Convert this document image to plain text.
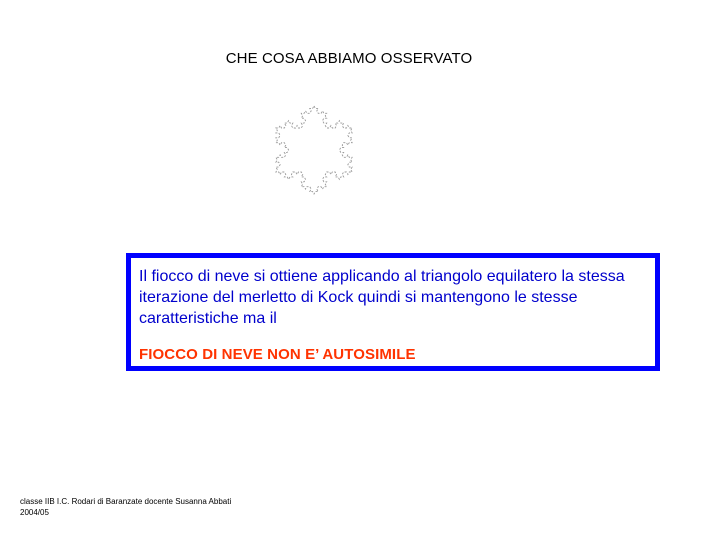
CHE COSA ABBIAMO OSSERVATO
Il fiocco di neve si ottiene applicando al triangolo equilatero la stessa iterazione del merletto di Kock quindi si mantengono le stesse caratteristiche ma il
FIOCCO DI NEVE NON E’ AUTOSIMILE
classe IIB I.C. Rodari di Baranzate docente Susanna Abbati
2004/05
